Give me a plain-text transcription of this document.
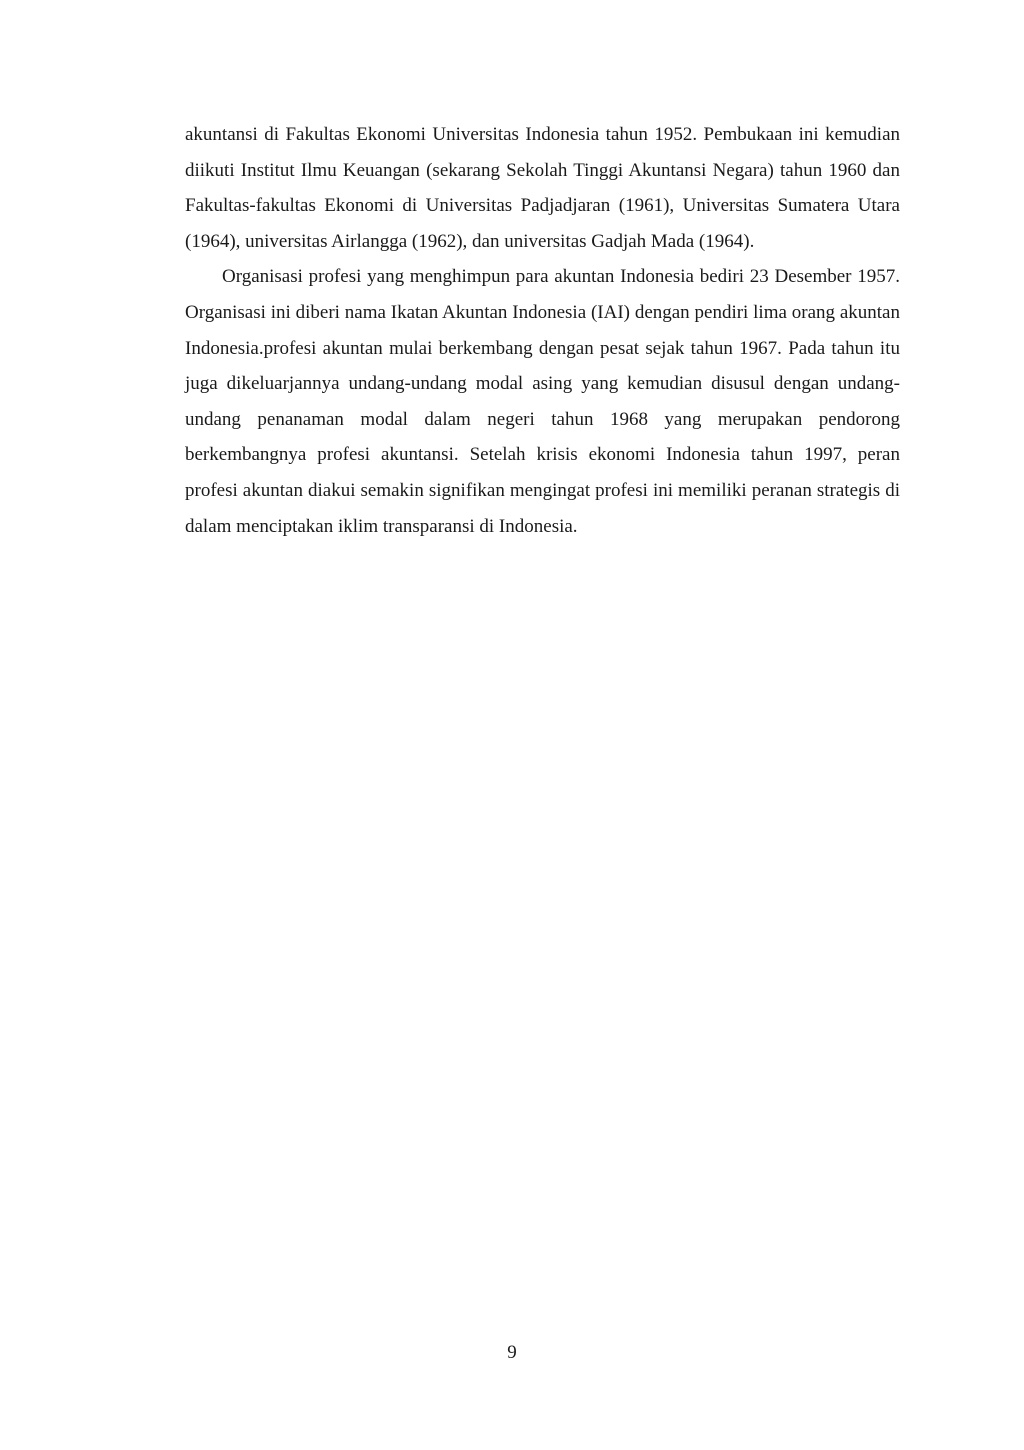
akuntansi di Fakultas Ekonomi Universitas Indonesia tahun 1952. Pembukaan ini kemudian diikuti Institut Ilmu Keuangan (sekarang Sekolah Tinggi Akuntansi Negara) tahun 1960 dan Fakultas-fakultas Ekonomi di Universitas Padjadjaran (1961), Universitas Sumatera Utara (1964), universitas Airlangga (1962), dan universitas Gadjah Mada (1964).

Organisasi profesi yang menghimpun para akuntan Indonesia bediri 23 Desember 1957. Organisasi ini diberi nama Ikatan Akuntan Indonesia (IAI) dengan pendiri lima orang akuntan Indonesia.profesi akuntan mulai berkembang dengan pesat sejak tahun 1967. Pada tahun itu juga dikeluarjannya undang-undang modal asing yang kemudian disusul dengan undang-undang penanaman modal dalam negeri tahun 1968 yang merupakan pendorong berkembangnya profesi akuntansi. Setelah krisis ekonomi Indonesia tahun 1997, peran profesi akuntan diakui semakin signifikan mengingat profesi ini memiliki peranan strategis di dalam menciptakan iklim transparansi di Indonesia.

9
